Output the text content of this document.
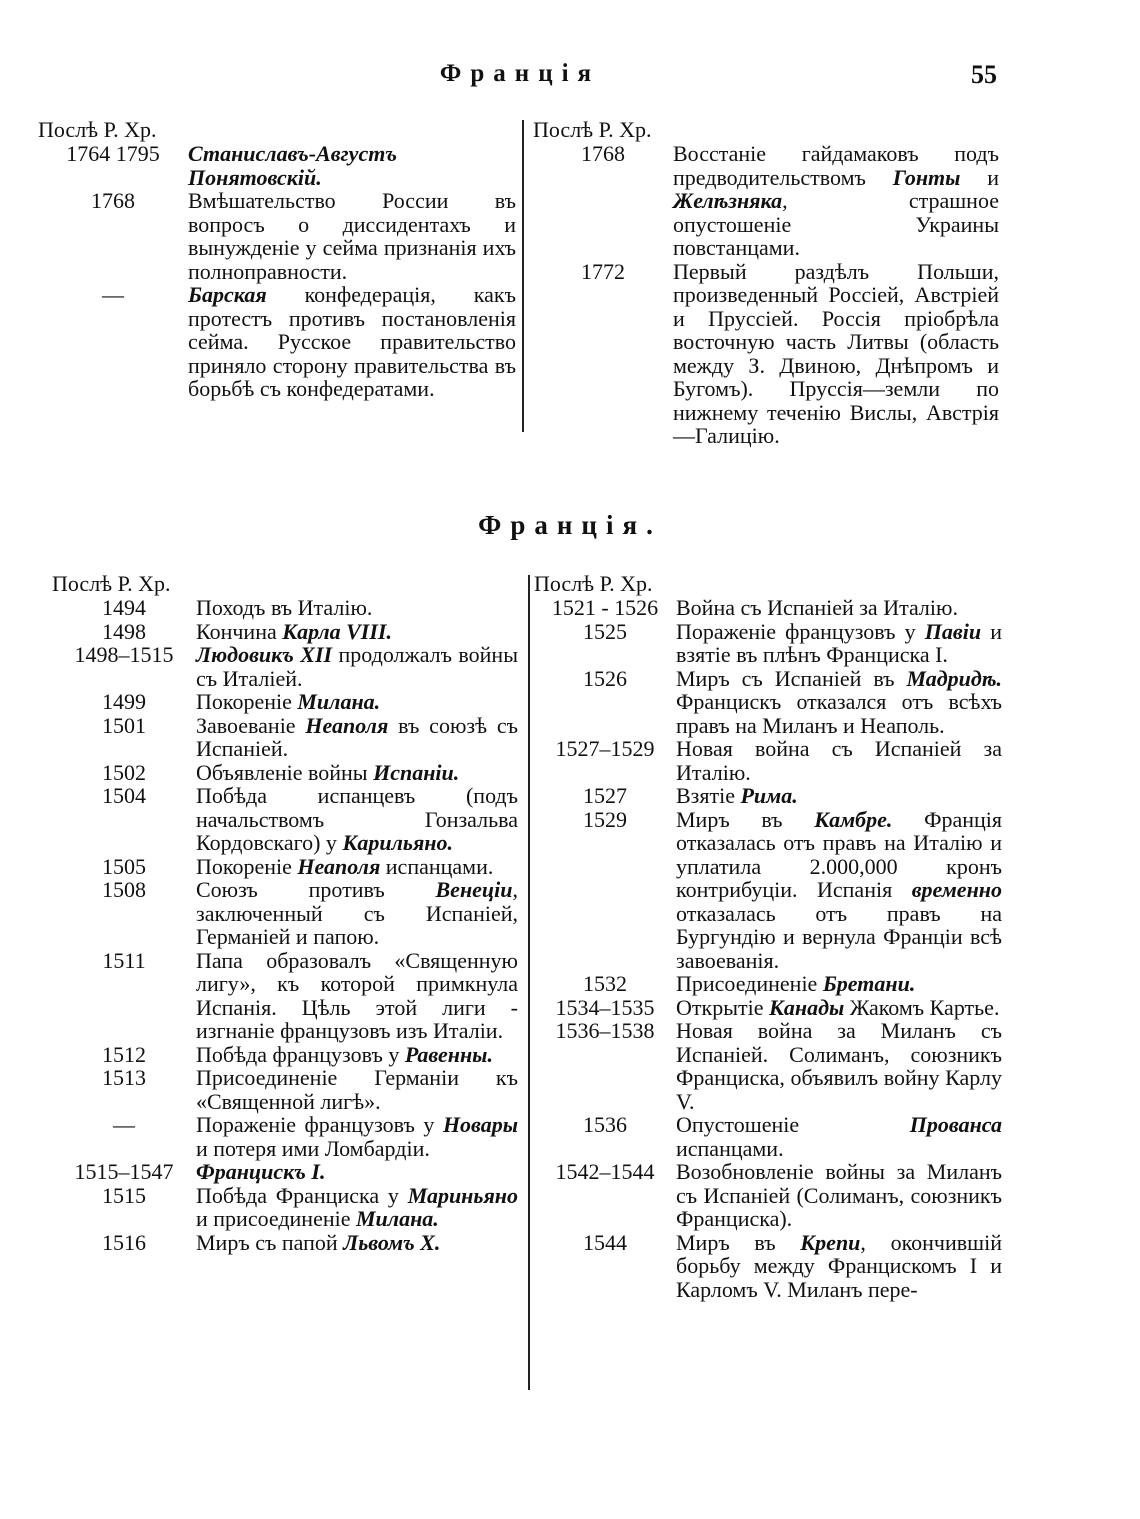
Франція	55
Послѣ Р. Хр.
1764 1795	Станиславъ-Августъ Понятовскій.
1768	Вмѣшательство России въ вопросъ о диссидентахъ и вынужденіе у сейма признанія ихъ полноправности.
—	Барская конфедерація, какъ протестъ противъ постановленія сейма. Русское правительство приняло сторону правительства въ борьбѣ съ конфедератами.
Послѣ Р. Хр.
1768	Восстаніе гайдамаковъ подъ предводительствомъ Гонты и Желѣзняка, страшное опустошеніе Украины повстанцами.
1772	Первый раздѣлъ Польши, произведенный Россіей, Австріей и Пруссіей. Россія пріобрѣла восточную часть Литвы (область между З. Двиною, Днѣпромъ и Бугомъ). Пруссія—земли по нижнему теченію Вислы, Австрія—Галицію.
Франція.
Послѣ Р. Хр.
1494	Походъ въ Италію.
1498	Кончина Карла VIII.
1498–1515	Людовикъ XII продолжалъ войны съ Италіей.
1499	Покореніе Милана.
1501	Завоеваніе Неаполя въ союзѣ съ Испаніей.
1502	Объявленіе войны Испаніи.
1504	Побѣда испанцевъ (подъ начальствомъ Гонзальва Кордовскаго) у Карильяно.
1505	Покореніе Неаполя испанцами.
1508	Союзъ противъ Венеціи, заключенный съ Испаніей, Германіей и папою.
1511	Папа образовалъ «Священную лигу», къ которой примкнула Испанія. Цѣль этой лиги - изгнаніе французовъ изъ Италіи.
1512	Побѣда французовъ у Равенны.
1513	Присоединеніе Германіи къ «Священной лигѣ».
—	Пораженіе французовъ у Новары и потеря ими Ломбардіи.
1515–1547	Францискъ I.
1515	Побѣда Франциска у Мариньяно и присоединеніе Милана.
1516	Миръ съ папой Львомъ X.
Послѣ Р. Хр.
1521 - 1526 Война съ Испаніей за Италію.
1525	Пораженіе французовъ у Павіи и взятіе въ плѣнъ Франциска I.
1526	Миръ съ Испаніей въ Мадридѣ. Францискъ отказался отъ всѣхъ правъ на Миланъ и Неаполь.
1527–1529 Новая война съ Испаніей за Италію.
1527	Взятіе Рима.
1529	Миръ въ Камбре. Франція отказалась отъ правъ на Италію и уплатила 2.000,000 кронъ контрибуціи. Испанія временно отказалась отъ правъ на Бургундію и вернула Франціи всѣ завоеванія.
1532	Присоединеніе Бретани.
1534–1535 Открытіе Канады Жакомъ Картье.
1536–1538 Новая война за Миланъ съ Испаніей. Солиманъ, союзникъ Франциска, объявилъ войну Карлу V.
1536	Опустошеніе Прованса испанцами.
1542–1544 Возобновленіе войны за Миланъ съ Испаніей (Солиманъ, союзникъ Франциска).
1544	Миръ въ Крепи, окончившій борьбу между Францискомъ I и Карломъ V. Миланъ пере-
